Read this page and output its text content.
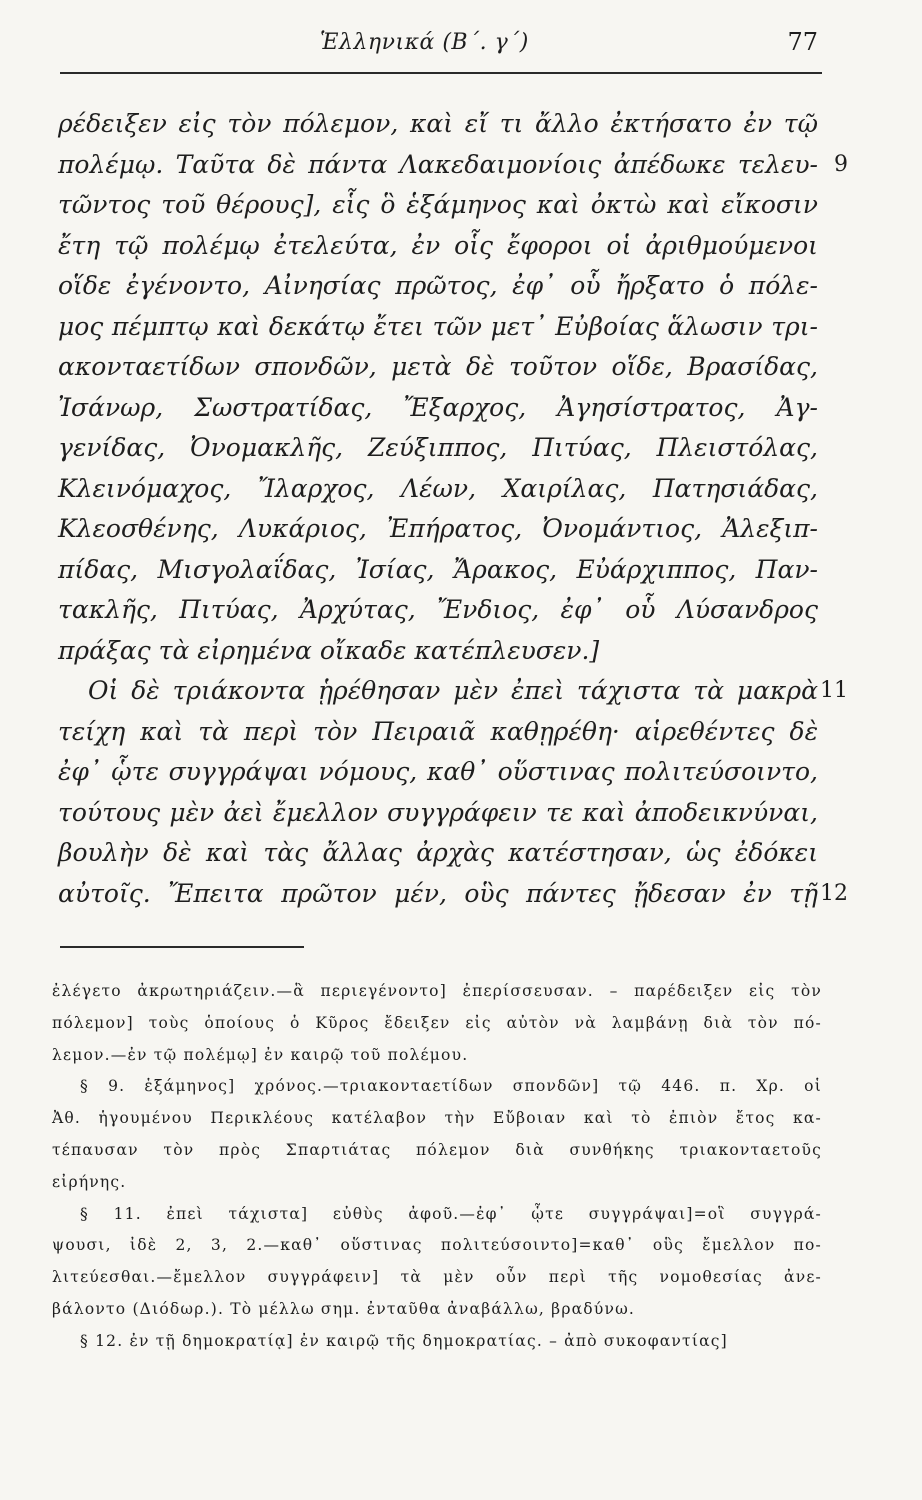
Ἑλληνικά (Β΄. γ΄)	77
ρέδειξεν εἰς τὸν πόλεμον, καὶ εἴ τι ἄλλο ἐκτήσατο ἐν τῷ
πολέμῳ. Ταῦτα δὲ πάντα Λακεδαιμονίοις ἀπέδωκε τελευ- 9
τῶντος τοῦ θέρους], εἷς ὃ ἑξάμηνος καὶ ὀκτὼ καὶ εἴκοσιν
ἔτη τῷ πολέμῳ ἐτελεύτα, ἐν οἷς ἔφοροι οἱ ἀριθμούμενοι
οἵδε ἐγένοντο, Αἰνησίας πρῶτος, ἐφ᾽ οὗ ἤρξατο ὁ πόλε-
μος πέμπτῳ καὶ δεκάτῳ ἔτει τῶν μετ᾽ Εὐβοίας ἅλωσιν τρι-
ακονταετίδων σπονδῶν, μετὰ δὲ τοῦτον οἵδε, Βρασίδας,
Ἰσάνωρ, Σωστρατίδας, Ἔξαρχος, Ἀγησίστρατος, Ἀγ-
γενίδας, Ὀνομακλῆς, Ζεύξιππος, Πιτύας, Πλειστόλας,
Κλεινόμαχος, Ἴλαρχος, Λέων, Χαιρίλας, Πατησιάδας,
Κλεοσθένης, Λυκάριος, Ἐπήρατος, Ὀνομάντιος, Ἀλεξιπ-
πίδας, Μισγολαΐδας, Ἰσίας, Ἄρακος, Εὐάρχιππος, Παν-
τακλῆς, Πιτύας, Ἀρχύτας, Ἔνδιος, ἐφ᾽ οὗ Λύσανδρος
πράξας τὰ εἰρημένα οἴκαδε κατέπλευσεν.]
Οἱ δὲ τριάκοντα ᾑρέθησαν μὲν ἐπεὶ τάχιστα τὰ μακρὰ 11
τείχη καὶ τὰ περὶ τὸν Πειραιᾶ καθῃρέθη· αἱρεθέντες δὲ
ἐφ᾽ ᾧτε συγγράψαι νόμους, καθ᾽ οὕστινας πολιτεύσοιντο,
τούτους μὲν ἀεὶ ἔμελλον συγγράφειν τε καὶ ἀποδεικνύναι,
βουλὴν δὲ καὶ τὰς ἄλλας ἀρχὰς κατέστησαν, ὡς ἐδόκει
αὐτοῖς. Ἔπειτα πρῶτον μέν, οὓς πάντες ᾔδεσαν ἐν τῇ 12
ἐλέγετο ἀκρωτηριάζειν.—ἃ περιεγένοντο] ἐπερίσσευσαν. – παρέδειξεν εἰς τὸν
πόλεμον] τοὺς ὁποίους ὁ Κῦρος ἔδειξεν εἰς αὐτὸν νὰ λαμβάνῃ διὰ τὸν πό-
λεμον.—ἐν τῷ πολέμῳ] ἐν καιρῷ τοῦ πολέμου.
§ 9. ἑξάμηνος] χρόνος.—τριακονταετίδων σπονδῶν] τῷ 446. π. Χρ. οἱ
Ἀθ. ἡγουμένου Περικλέους κατέλαβον τὴν Εὔβοιαν καὶ τὸ ἐπιὸν ἔτος κα-
τέπαυσαν τὸν πρὸς Σπαρτιάτας πόλεμον διὰ συνθήκης τριακονταετοῦς
εἰρήνης.
§ 11. ἐπεὶ τάχιστα] εὐθὺς ἀφοῦ.—ἐφ᾽ ᾧτε συγγράψαι]=οἳ συγγρά-
ψουσι, ἰδὲ 2, 3, 2.—καθ᾽ οὕστινας πολιτεύσοιντο]=καθ᾽ οὓς ἔμελλον πο-
λιτεύεσθαι.—ἔμελλον συγγράφειν] τὰ μὲν οὖν περὶ τῆς νομοθεσίας ἀνε-
βάλοντο (Διόδωρ.). Τὸ μέλλω σημ. ἐνταῦθα ἀναβάλλω, βραδύνω.
§ 12. ἐν τῇ δημοκρατίᾳ] ἐν καιρῷ τῆς δημοκρατίας. – ἀπὸ συκοφαντίας]
